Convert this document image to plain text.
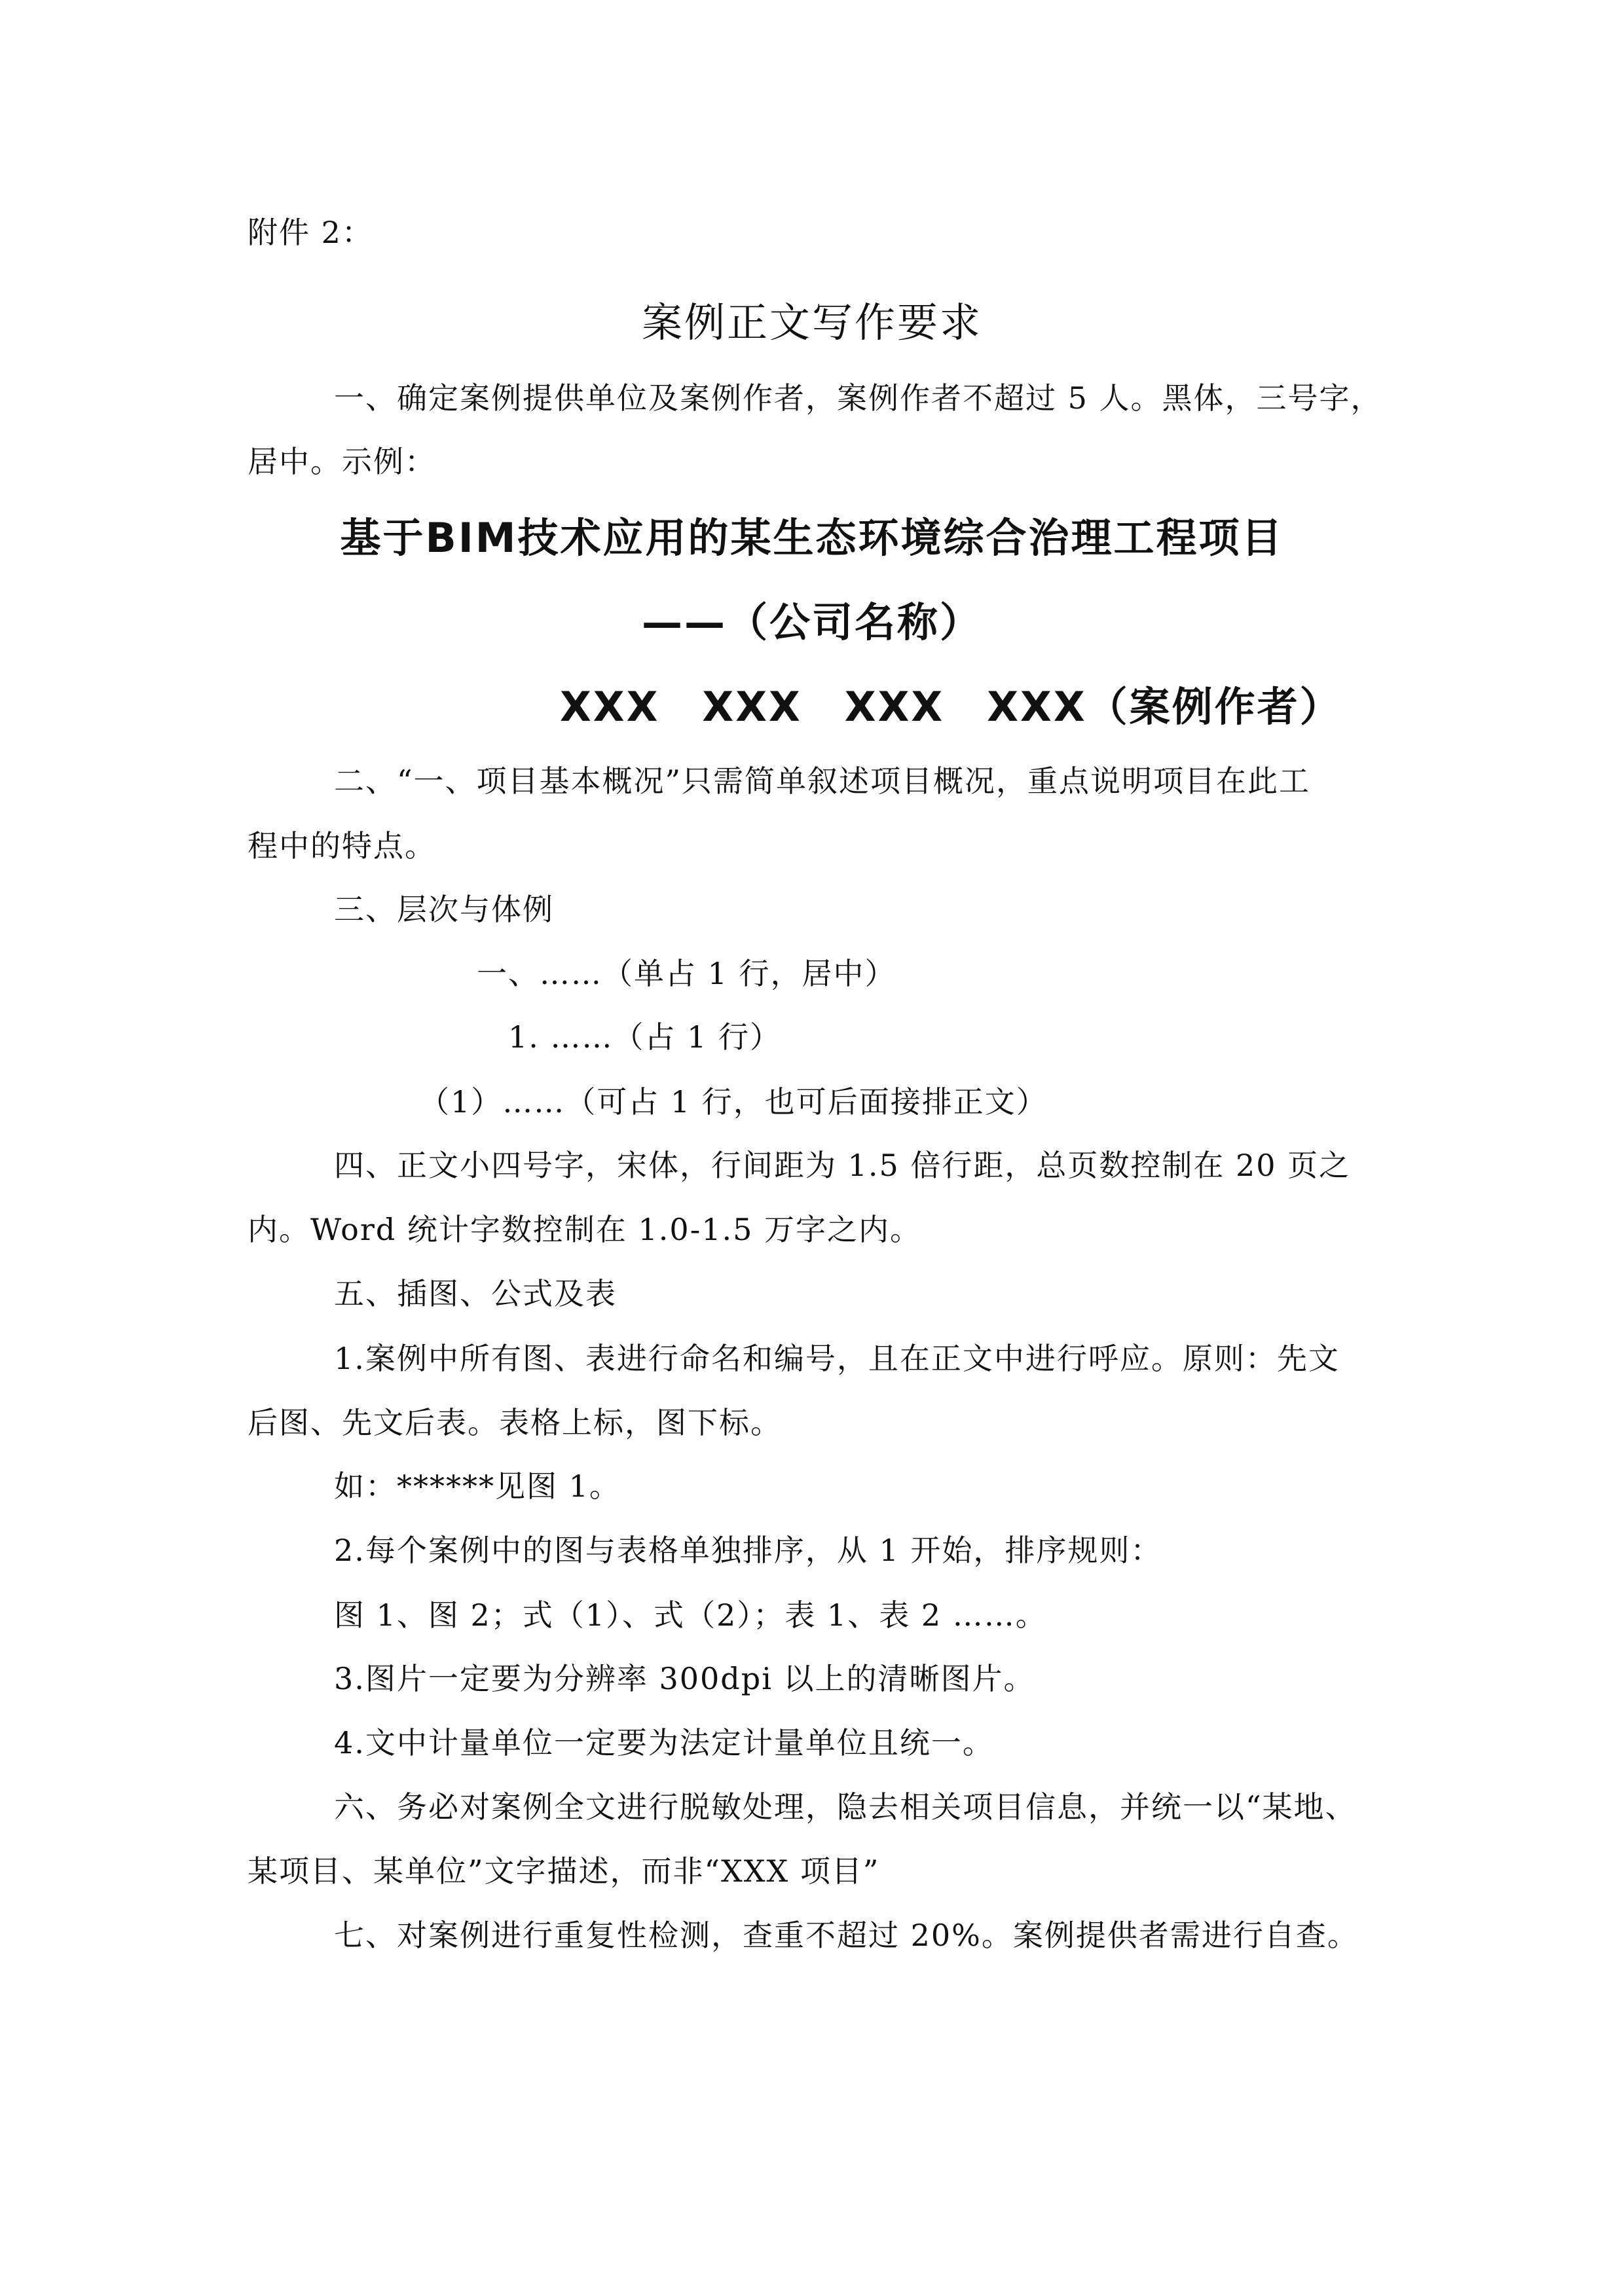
附件 2：
案例正文写作要求
一、确定案例提供单位及案例作者，案例作者不超过 5 人。黑体，三号字，
居中。示例：
基于BIM技术应用的某生态环境综合治理工程项目
——（公司名称）
XXX　XXX　XXX　XXX（案例作者）
二、“一、项目基本概况”只需简单叙述项目概况，重点说明项目在此工
程中的特点。
三、层次与体例
一、……（单占 1 行，居中）
1. ……（占 1 行）
（1）……（可占 1 行，也可后面接排正文）
四、正文小四号字，宋体，行间距为 1.5 倍行距，总页数控制在 20 页之
内。Word 统计字数控制在 1.0-1.5 万字之内。
五、插图、公式及表
1.案例中所有图、表进行命名和编号，且在正文中进行呼应。原则：先文
后图、先文后表。表格上标，图下标。
如：******见图 1。
2.每个案例中的图与表格单独排序，从 1 开始，排序规则：
图 1、图 2；式（1）、式（2）；表 1、表 2 ……。
3.图片一定要为分辨率 300dpi 以上的清晰图片。
4.文中计量单位一定要为法定计量单位且统一。
六、务必对案例全文进行脱敏处理，隐去相关项目信息，并统一以“某地、
某项目、某单位”文字描述，而非“XXX 项目”
七、对案例进行重复性检测，查重不超过 20%。案例提供者需进行自查。
